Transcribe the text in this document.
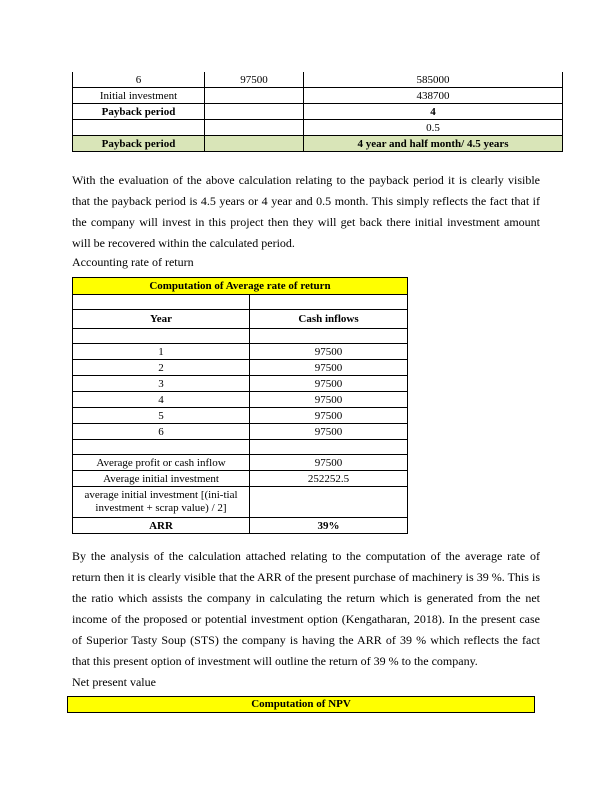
6	97500	585000
Initial investment		438700
Payback period		4
		0.5
Payback period		4 year and half month/ 4.5 years

With the evaluation of the above calculation relating to the payback period it is clearly visible that the payback period is 4.5 years or 4 year and 0.5 month. This simply reflects the fact that if the company will invest in this project then they will get back there initial investment amount will be recovered within the calculated period.

Accounting rate of return

Computation of Average rate of return	

Year	Cash inflows

1	97500
2	97500
3	97500
4	97500
5	97500
6	97500

Average profit or cash inflow	97500
Average initial investment	252252.5
average initial investment [(ini-tial investment + scrap value) / 2]	
ARR	39%

By the analysis of the calculation attached relating to the computation of the average rate of return then it is clearly visible that the ARR of the present purchase of machinery is 39 %. This is the ratio which assists the company in calculating the return which is generated from the net income of the proposed or potential investment option (Kengatharan, 2018). In the present case of Superior Tasty Soup (STS) the company is having the ARR of 39 % which reflects the fact that this present option of investment will outline the return of 39 % to the company.

Net present value

Computation of NPV
